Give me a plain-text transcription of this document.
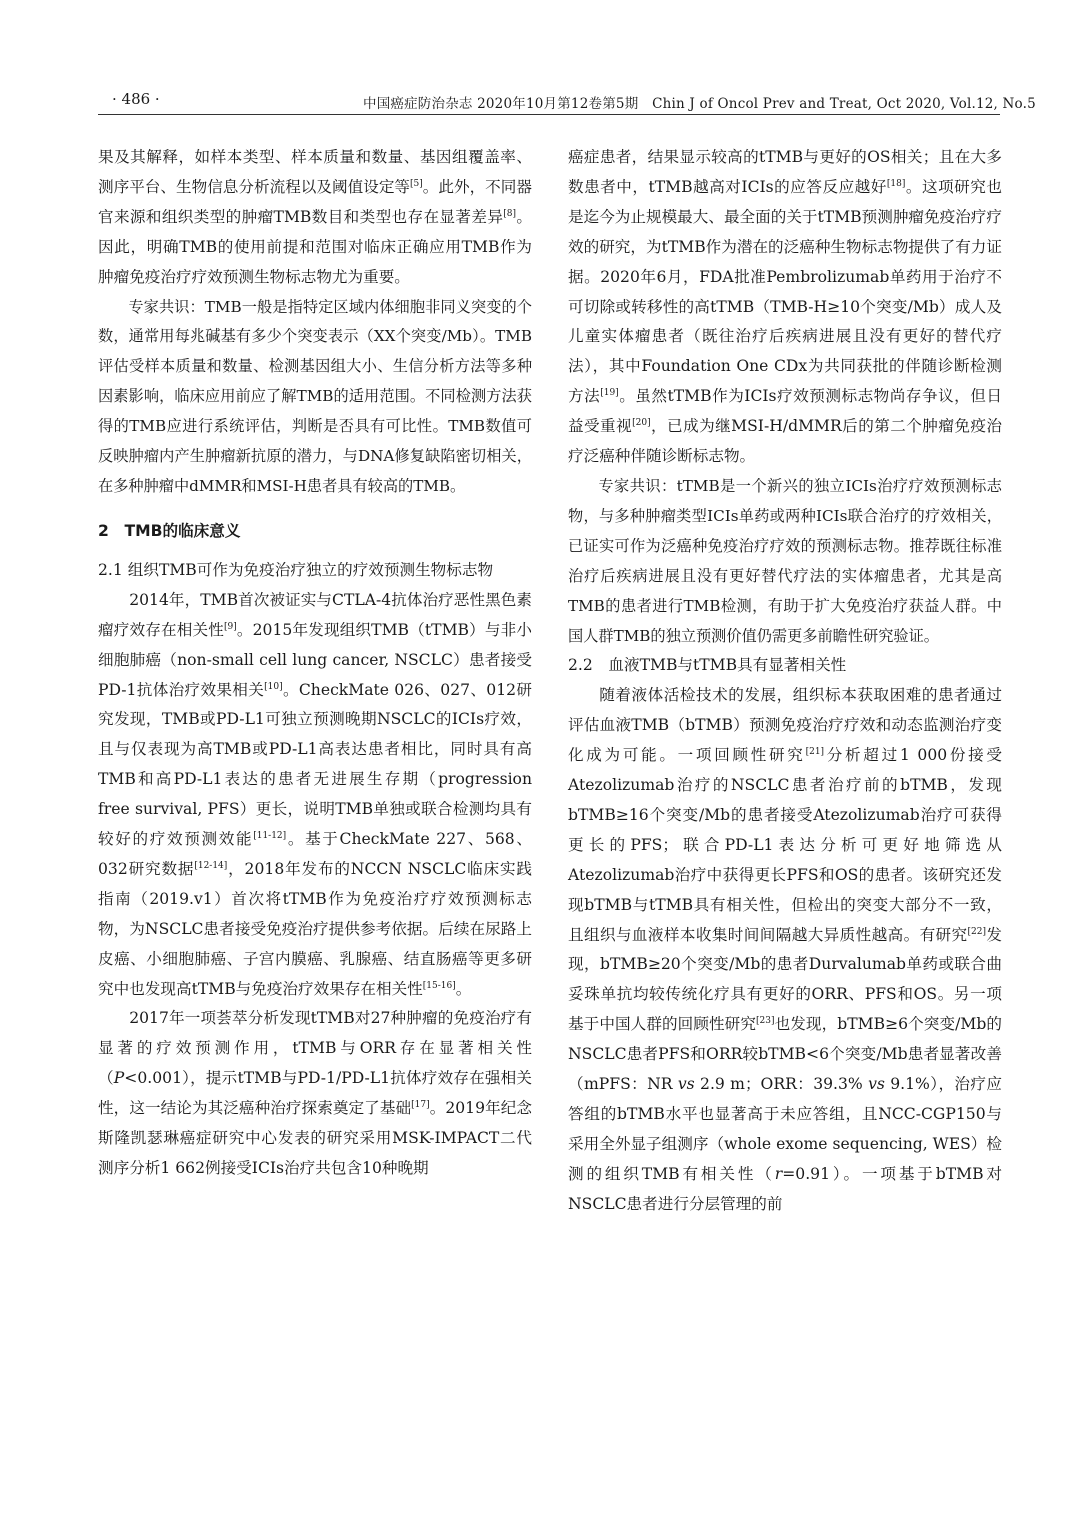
· 486 ·	中国癌症防治杂志 2020年10月第12卷第5期　Chin J of Oncol Prev and Treat, Oct 2020, Vol.12, No.5

果及其解释，如样本类型、样本质量和数量、基因组覆盖率、测序平台、生物信息分析流程以及阈值设定等[5]。此外，不同器官来源和组织类型的肿瘤TMB数目和类型也存在显著差异[8]。因此，明确TMB的使用前提和范围对临床正确应用TMB作为肿瘤免疫治疗疗效预测生物标志物尤为重要。

专家共识：TMB一般是指特定区域内体细胞非同义突变的个数，通常用每兆碱基有多少个突变表示（XX个突变/Mb）。TMB评估受样本质量和数量、检测基因组大小、生信分析方法等多种因素影响，临床应用前应了解TMB的适用范围。不同检测方法获得的TMB应进行系统评估，判断是否具有可比性。TMB数值可反映肿瘤内产生肿瘤新抗原的潜力，与DNA修复缺陷密切相关，在多种肿瘤中dMMR和MSI-H患者具有较高的TMB。

2　TMB的临床意义
2.1 组织TMB可作为免疫治疗独立的疗效预测生物标志物

2014年，TMB首次被证实与CTLA-4抗体治疗恶性黑色素瘤疗效存在相关性[9]。2015年发现组织TMB（tTMB）与非小细胞肺癌（non-small cell lung cancer, NSCLC）患者接受PD-1抗体治疗效果相关[10]。CheckMate 026、027、012研究发现，TMB或PD-L1可独立预测晚期NSCLC的ICIs疗效，且与仅表现为高TMB或PD-L1高表达患者相比，同时具有高TMB和高PD-L1表达的患者无进展生存期（progression free survival, PFS）更长，说明TMB单独或联合检测均具有较好的疗效预测效能[11-12]。基于CheckMate 227、568、032研究数据[12-14]，2018年发布的NCCN NSCLC临床实践指南（2019.v1）首次将tTMB作为免疫治疗疗效预测标志物，为NSCLC患者接受免疫治疗提供参考依据。后续在尿路上皮癌、小细胞肺癌、子宫内膜癌、乳腺癌、结直肠癌等更多研究中也发现高tTMB与免疫治疗效果存在相关性[15-16]。

2017年一项荟萃分析发现tTMB对27种肿瘤的免疫治疗有显著的疗效预测作用，tTMB与ORR存在显著相关性（P<0.001），提示tTMB与PD-1/PD-L1抗体疗效存在强相关性，这一结论为其泛癌种治疗探索奠定了基础[17]。2019年纪念斯隆凯瑟琳癌症研究中心发表的研究采用MSK-IMPACT二代测序分析1 662例接受ICIs治疗共包含10种晚期

癌症患者，结果显示较高的tTMB与更好的OS相关；且在大多数患者中，tTMB越高对ICIs的应答反应越好[18]。这项研究也是迄今为止规模最大、最全面的关于tTMB预测肿瘤免疫治疗疗效的研究，为tTMB作为潜在的泛癌种生物标志物提供了有力证据。2020年6月，FDA批准Pembrolizumab单药用于治疗不可切除或转移性的高tTMB（TMB-H≥10个突变/Mb）成人及儿童实体瘤患者（既往治疗后疾病进展且没有更好的替代疗法），其中Foundation One CDx为共同获批的伴随诊断检测方法[19]。虽然tTMB作为ICIs疗效预测标志物尚存争议，但日益受重视[20]，已成为继MSI-H/dMMR后的第二个肿瘤免疫治疗泛癌种伴随诊断标志物。

专家共识：tTMB是一个新兴的独立ICIs治疗疗效预测标志物，与多种肿瘤类型ICIs单药或两种ICIs联合治疗的疗效相关，已证实可作为泛癌种免疫治疗疗效的预测标志物。推荐既往标准治疗后疾病进展且没有更好替代疗法的实体瘤患者，尤其是高TMB的患者进行TMB检测，有助于扩大免疫治疗获益人群。中国人群TMB的独立预测价值仍需更多前瞻性研究验证。

2.2　血液TMB与tTMB具有显著相关性

随着液体活检技术的发展，组织标本获取困难的患者通过评估血液TMB（bTMB）预测免疫治疗疗效和动态监测治疗变化成为可能。一项回顾性研究[21]分析超过1 000份接受Atezolizumab治疗的NSCLC患者治疗前的bTMB，发现bTMB≥16个突变/Mb的患者接受Atezolizumab治疗可获得更长的PFS；联合PD-L1表达分析可更好地筛选从Atezolizumab治疗中获得更长PFS和OS的患者。该研究还发现bTMB与tTMB具有相关性，但检出的突变大部分不一致，且组织与血液样本收集时间间隔越大异质性越高。有研究[22]发现，bTMB≥20个突变/Mb的患者Durvalumab单药或联合曲妥珠单抗均较传统化疗具有更好的ORR、PFS和OS。另一项基于中国人群的回顾性研究[23]也发现，bTMB≥6个突变/Mb的NSCLC患者PFS和ORR较bTMB<6个突变/Mb患者显著改善（mPFS：NR vs 2.9 m；ORR：39.3% vs 9.1%），治疗应答组的bTMB水平也显著高于未应答组，且NCC-CGP150与采用全外显子组测序（whole exome sequencing, WES）检测的组织TMB有相关性（r=0.91）。一项基于bTMB对NSCLC患者进行分层管理的前
